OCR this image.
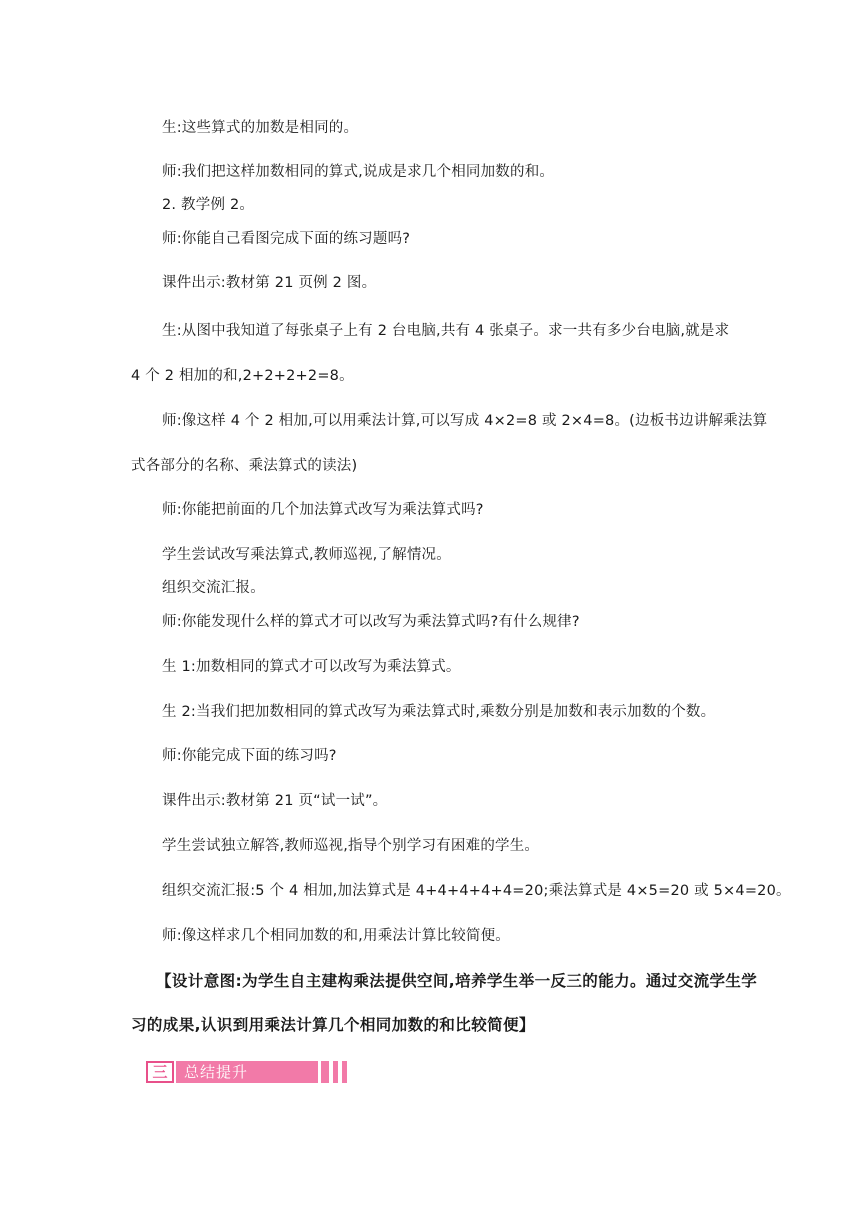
生:这些算式的加数是相同的。
师:我们把这样加数相同的算式,说成是求几个相同加数的和。
2. 教学例 2。
师:你能自己看图完成下面的练习题吗?
课件出示:教材第 21 页例 2 图。
生:从图中我知道了每张桌子上有 2 台电脑,共有 4 张桌子。求一共有多少台电脑,就是求
4 个 2 相加的和,2+2+2+2=8。
师:像这样 4 个 2 相加,可以用乘法计算,可以写成 4×2=8 或 2×4=8。(边板书边讲解乘法算
式各部分的名称、乘法算式的读法)
师:你能把前面的几个加法算式改写为乘法算式吗?
学生尝试改写乘法算式,教师巡视,了解情况。
组织交流汇报。
师:你能发现什么样的算式才可以改写为乘法算式吗?有什么规律?
生 1:加数相同的算式才可以改写为乘法算式。
生 2:当我们把加数相同的算式改写为乘法算式时,乘数分别是加数和表示加数的个数。
师:你能完成下面的练习吗?
课件出示:教材第 21 页“试一试”。
学生尝试独立解答,教师巡视,指导个别学习有困难的学生。
组织交流汇报:5 个 4 相加,加法算式是 4+4+4+4+4=20;乘法算式是 4×5=20 或 5×4=20。
师:像这样求几个相同加数的和,用乘法计算比较简便。
【设计意图:为学生自主建构乘法提供空间,培养学生举一反三的能力。通过交流学生学
习的成果,认识到用乘法计算几个相同加数的和比较简便】
三	总结提升
